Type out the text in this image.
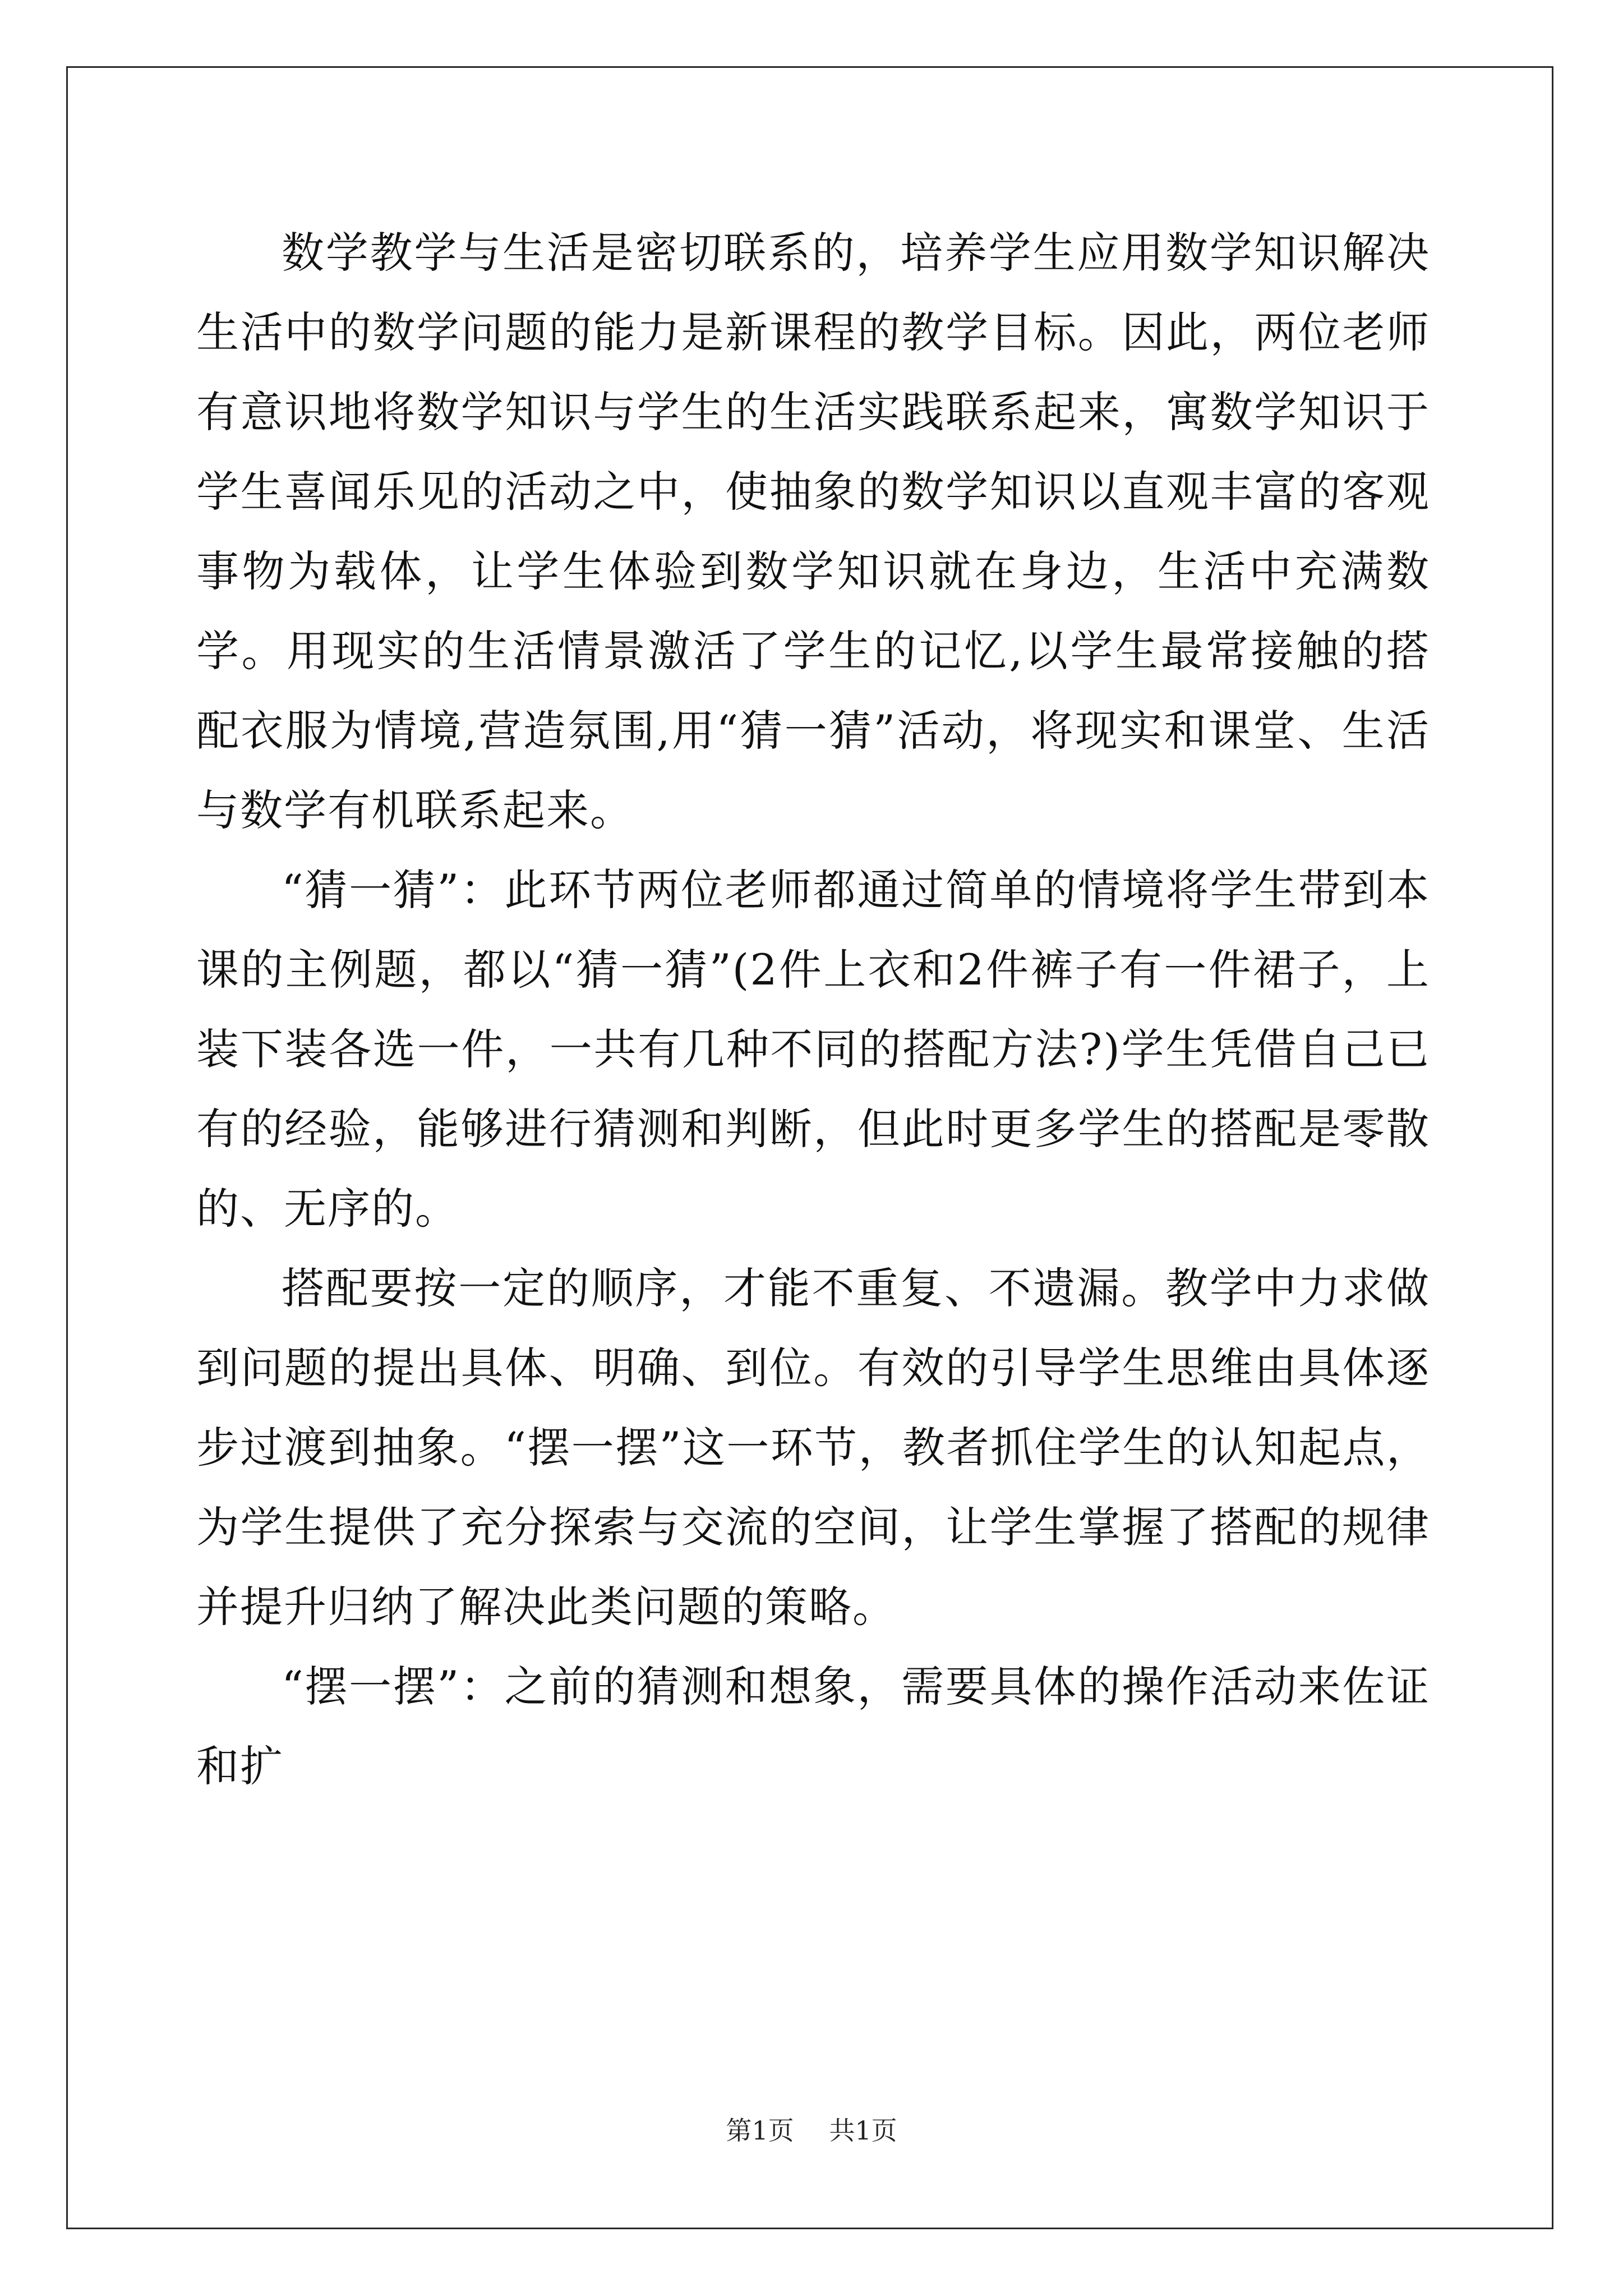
数学教学与生活是密切联系的，培养学生应用数学知识解决生活中的数学问题的能力是新课程的教学目标。因此，两位老师有意识地将数学知识与学生的生活实践联系起来，寓数学知识于学生喜闻乐见的活动之中，使抽象的数学知识以直观丰富的客观事物为载体，让学生体验到数学知识就在身边，生活中充满数学。用现实的生活情景激活了学生的记忆,以学生最常接触的搭配衣服为情境,营造氛围,用“猜一猜”活动，将现实和课堂、生活与数学有机联系起来。

“猜一猜”：此环节两位老师都通过简单的情境将学生带到本课的主例题，都以“猜一猜”(2件上衣和2件裤子有一件裙子，上装下装各选一件，一共有几种不同的搭配方法?)学生凭借自己已有的经验，能够进行猜测和判断，但此时更多学生的搭配是零散的、无序的。

搭配要按一定的顺序，才能不重复、不遗漏。教学中力求做到问题的提出具体、明确、到位。有效的引导学生思维由具体逐步过渡到抽象。“摆一摆”这一环节，教者抓住学生的认知起点，为学生提供了充分探索与交流的空间，让学生掌握了搭配的规律并提升归纳了解决此类问题的策略。

“摆一摆”：之前的猜测和想象，需要具体的操作活动来佐证和扩

第1页 共1页
